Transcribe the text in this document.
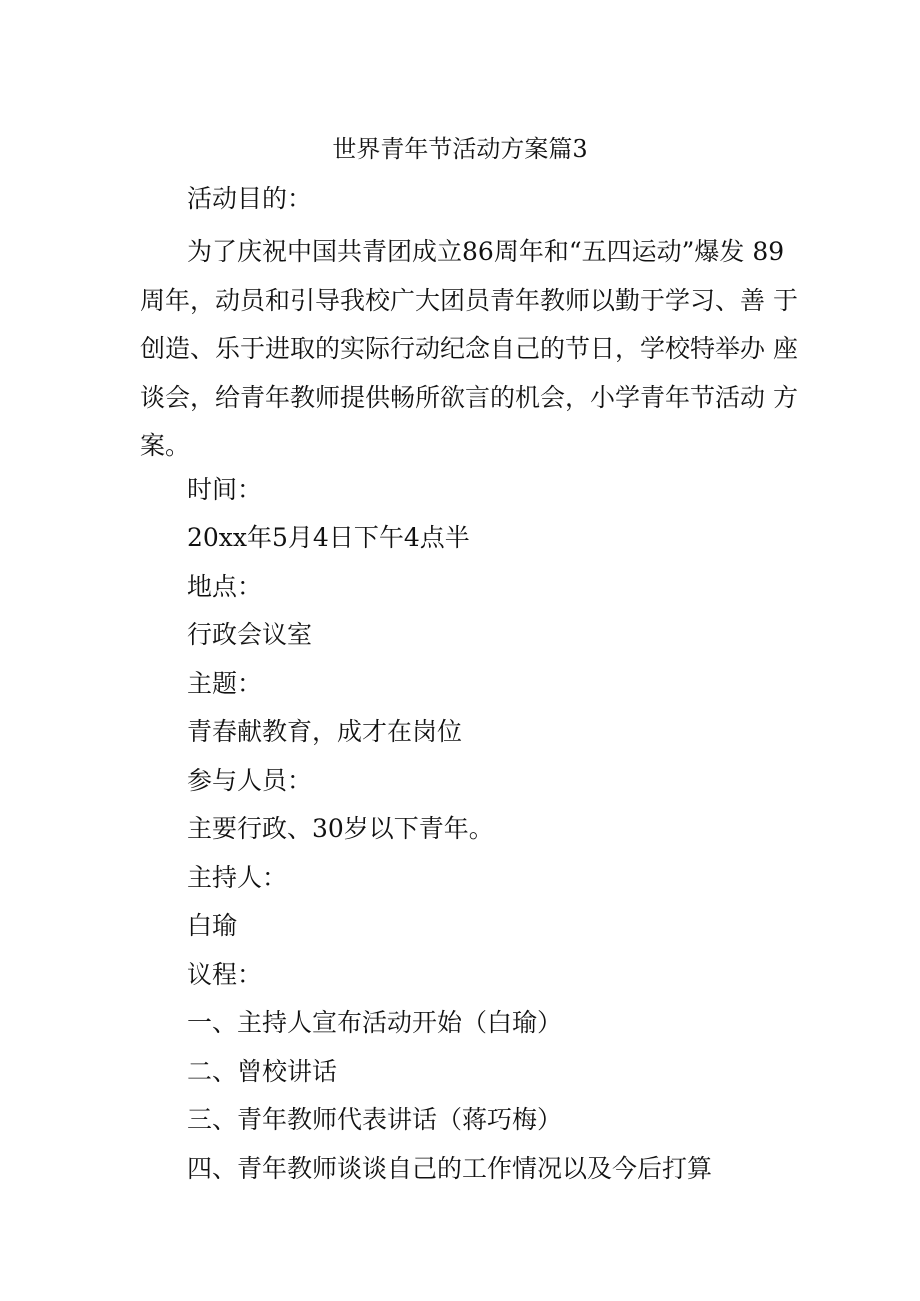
世界青年节活动方案篇3
活动目的：
为了庆祝中国共青团成立86周年和“五四运动”爆发 89
周年，动员和引导我校广大团员青年教师以勤于学习、善 于
创造、乐于进取的实际行动纪念自己的节日，学校特举办 座
谈会，给青年教师提供畅所欲言的机会，小学青年节活动 方
案。
时间：
20xx年5月4日下午4点半
地点：
行政会议室
主题：
青春献教育，成才在岗位
参与人员：
主要行政、30岁以下青年。
主持人：
白瑜
议程：
一、主持人宣布活动开始（白瑜）
二、曾校讲话
三、青年教师代表讲话（蒋巧梅）
四、青年教师谈谈自己的工作情况以及今后打算
